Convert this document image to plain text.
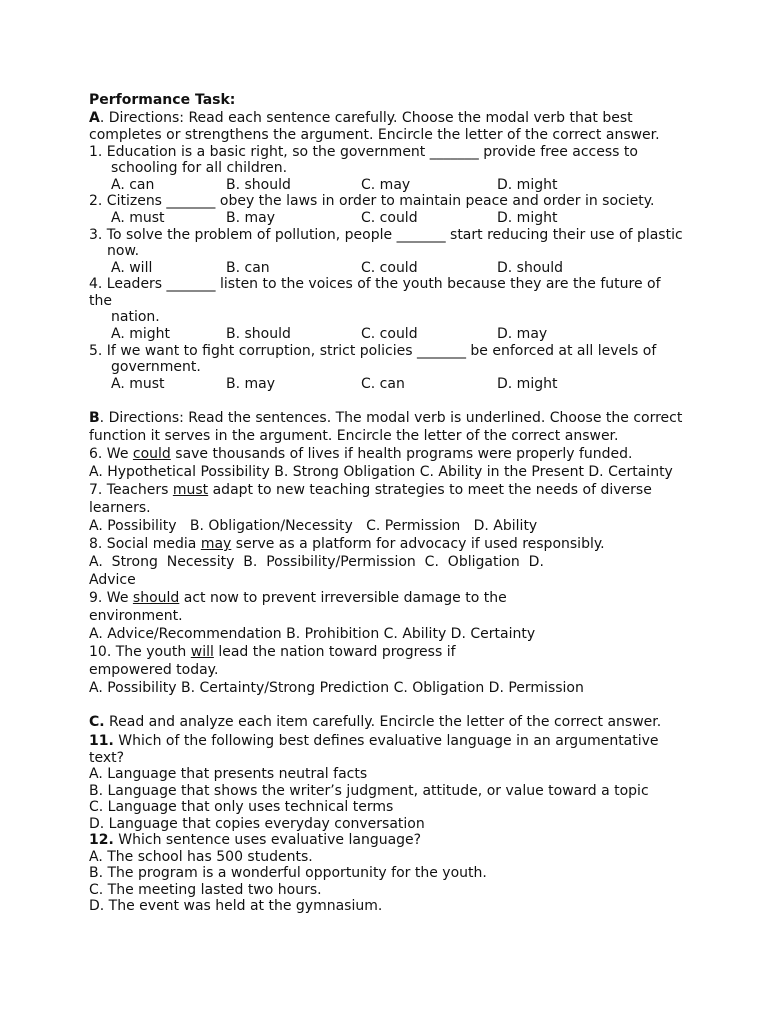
Performance Task:
A. Directions: Read each sentence carefully. Choose the modal verb that best
completes or strengthens the argument. Encircle the letter of the correct answer.
1. Education is a basic right, so the government _______ provide free access to
schooling for all children.
A. can	B. should	C. may	D. might
2. Citizens _______ obey the laws in order to maintain peace and order in society.
A. must	B. may	C. could	D. might
3. To solve the problem of pollution, people _______ start reducing their use of plastic
now.
A. will	B. can	C. could	D. should
4. Leaders _______ listen to the voices of the youth because they are the future of
the
nation.
A. might	B. should	C. could	D. may
5. If we want to fight corruption, strict policies _______ be enforced at all levels of
government.
A. must	B. may	C. can	D. might
B. Directions: Read the sentences. The modal verb is underlined. Choose the correct
function it serves in the argument. Encircle the letter of the correct answer.
6. We could save thousands of lives if health programs were properly funded.
A. Hypothetical Possibility B. Strong Obligation C. Ability in the Present D. Certainty
7. Teachers must adapt to new teaching strategies to meet the needs of diverse
learners.
A. Possibility   B. Obligation/Necessity   C. Permission   D. Ability
8. Social media may serve as a platform for advocacy if used responsibly.
A.  Strong  Necessity  B.  Possibility/Permission  C.  Obligation  D.
Advice
9. We should act now to prevent irreversible damage to the
environment.
A. Advice/Recommendation B. Prohibition C. Ability D. Certainty
10. The youth will lead the nation toward progress if
empowered today.
A. Possibility B. Certainty/Strong Prediction C. Obligation D. Permission
C. Read and analyze each item carefully. Encircle the letter of the correct answer.
11. Which of the following best defines evaluative language in an argumentative
text?
A. Language that presents neutral facts
B. Language that shows the writer’s judgment, attitude, or value toward a topic
C. Language that only uses technical terms
D. Language that copies everyday conversation
12. Which sentence uses evaluative language?
A. The school has 500 students.
B. The program is a wonderful opportunity for the youth.
C. The meeting lasted two hours.
D. The event was held at the gymnasium.
